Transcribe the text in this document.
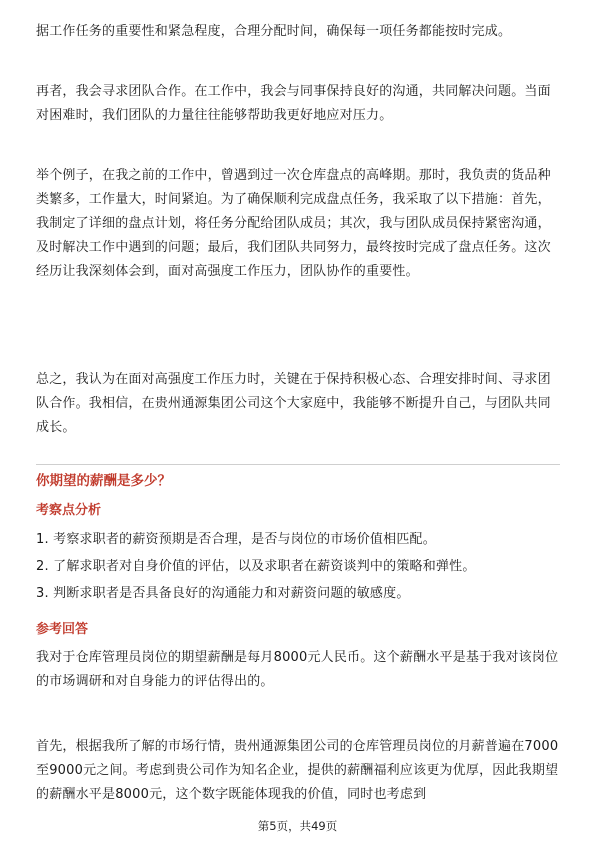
据工作任务的重要性和紧急程度，合理分配时间，确保每一项任务都能按时完成。

再者，我会寻求团队合作。在工作中，我会与同事保持良好的沟通，共同解决问题。当面对困难时，我们团队的力量往往能够帮助我更好地应对压力。

举个例子，在我之前的工作中，曾遇到过一次仓库盘点的高峰期。那时，我负责的货品种类繁多，工作量大，时间紧迫。为了确保顺利完成盘点任务，我采取了以下措施：首先，我制定了详细的盘点计划，将任务分配给团队成员；其次，我与团队成员保持紧密沟通，及时解决工作中遇到的问题；最后，我们团队共同努力，最终按时完成了盘点任务。这次经历让我深刻体会到，面对高强度工作压力，团队协作的重要性。

总之，我认为在面对高强度工作压力时，关键在于保持积极心态、合理安排时间、寻求团队合作。我相信，在贵州通源集团公司这个大家庭中，我能够不断提升自己，与团队共同成长。

你期望的薪酬是多少？
考察点分析

1. 考察求职者的薪资预期是否合理，是否与岗位的市场价值相匹配。

2. 了解求职者对自身价值的评估，以及求职者在薪资谈判中的策略和弹性。

3. 判断求职者是否具备良好的沟通能力和对薪资问题的敏感度。

参考回答

我对于仓库管理员岗位的期望薪酬是每月8000元人民币。这个薪酬水平是基于我对该岗位的市场调研和对自身能力的评估得出的。

首先，根据我所了解的市场行情，贵州通源集团公司的仓库管理员岗位的月薪普遍在7000至9000元之间。考虑到贵公司作为知名企业，提供的薪酬福利应该更为优厚，因此我期望的薪酬水平是8000元，这个数字既能体现我的价值，同时也考虑到

第5页，共49页
